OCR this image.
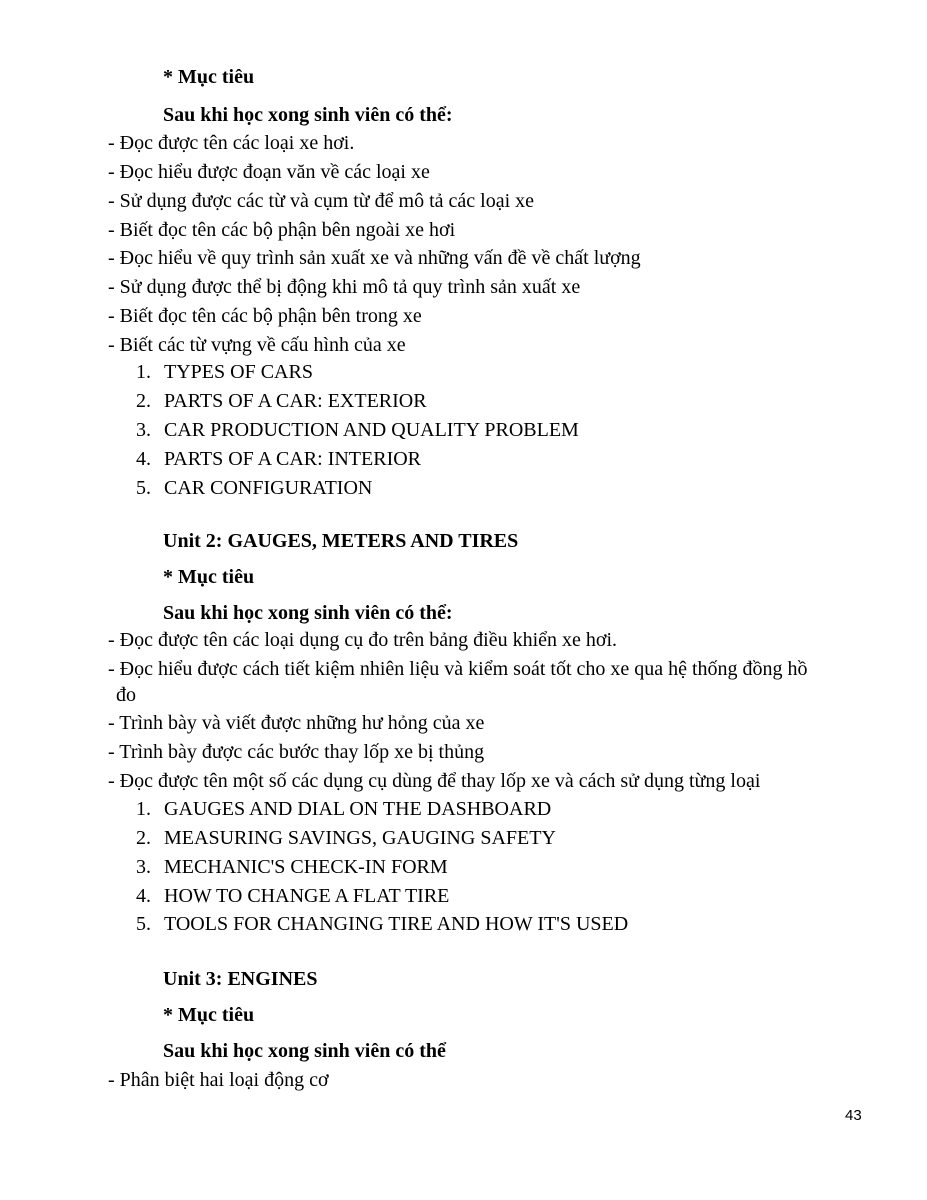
* Mục tiêu
Sau khi học xong sinh viên có thể:
- Đọc được tên các loại xe hơi.
- Đọc hiểu được đoạn văn về các loại xe
- Sử dụng được các từ và cụm từ để mô tả các loại xe
- Biết đọc tên các bộ phận bên ngoài xe hơi
- Đọc hiểu về quy trình sản xuất xe và những vấn đề về chất lượng
- Sử dụng được thể bị động khi mô tả quy trình sản xuất xe
- Biết đọc tên các bộ phận bên trong xe
- Biết các từ vựng về cấu hình của xe
1. TYPES OF CARS
2. PARTS OF A CAR: EXTERIOR
3. CAR PRODUCTION AND QUALITY PROBLEM
4. PARTS OF A CAR: INTERIOR
5. CAR CONFIGURATION
Unit 2: GAUGES, METERS AND TIRES
* Mục tiêu
Sau khi học xong sinh viên có thể:
- Đọc được tên các loại dụng cụ đo trên bảng điều khiển xe hơi.
- Đọc hiểu được cách tiết kiệm nhiên liệu và kiểm soát tốt cho xe qua hệ thống đồng hồ
đo
- Trình bày và viết được những hư hỏng của xe
- Trình bày được các bước thay lốp xe bị thủng
- Đọc được tên một số các dụng cụ dùng để thay lốp xe và cách sử dụng từng loại
1. GAUGES AND DIAL ON THE DASHBOARD
2. MEASURING SAVINGS, GAUGING SAFETY
3. MECHANIC'S CHECK-IN FORM
4. HOW TO CHANGE A FLAT TIRE
5. TOOLS FOR CHANGING TIRE AND HOW IT'S USED
Unit 3: ENGINES
* Mục tiêu
Sau khi học xong sinh viên có thể
- Phân biệt hai loại động cơ
43
